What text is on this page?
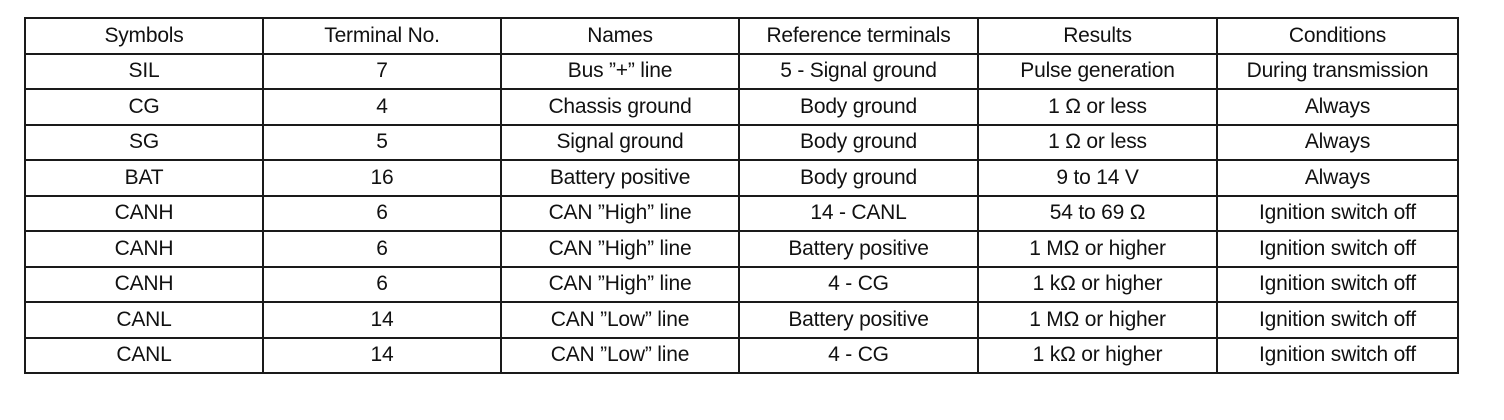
Symbols	Terminal No.	Names	Reference terminals	Results	Conditions
SIL	7	Bus ”+” line	5 - Signal ground	Pulse generation	During transmission
CG	4	Chassis ground	Body ground	1 Ω or less	Always
SG	5	Signal ground	Body ground	1 Ω or less	Always
BAT	16	Battery positive	Body ground	9 to 14 V	Always
CANH	6	CAN ”High” line	14 - CANL	54 to 69 Ω	Ignition switch off
CANH	6	CAN ”High” line	Battery positive	1 MΩ or higher	Ignition switch off
CANH	6	CAN ”High” line	4 - CG	1 kΩ or higher	Ignition switch off
CANL	14	CAN ”Low” line	Battery positive	1 MΩ or higher	Ignition switch off
CANL	14	CAN ”Low” line	4 - CG	1 kΩ or higher	Ignition switch off
